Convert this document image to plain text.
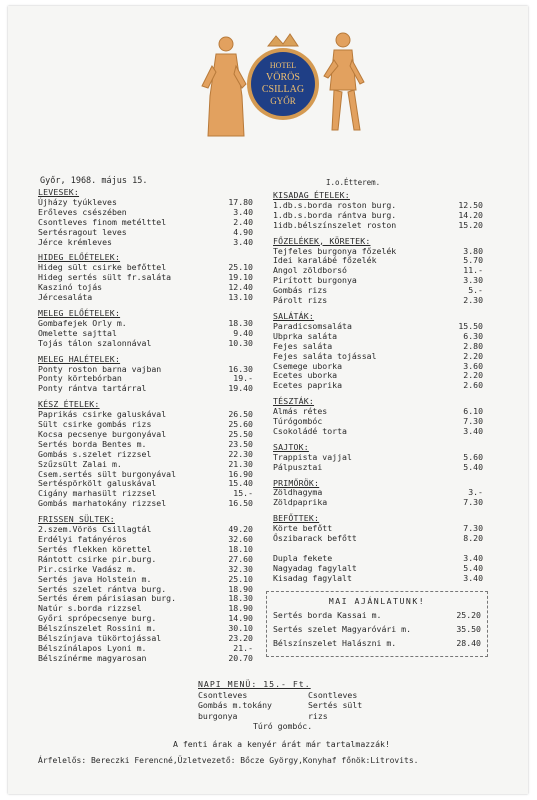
HOTEL
VÖRÖS
CSILLAG
GYŐR
Győr, 1968. május 15.	I.o.Étterem.
LEVESEK:
Újházy tyúkleves	17.80
Erőleves csészében	3.40
Csontleves finom metélttel	2.40
Sertésragout leves	4.90
Jérce krémleves	3.40
HIDEG ELŐÉTELEK:
Hideg sült csirke befőttel	25.10
Hideg sertés sült fr.saláta	19.10
Kaszinó tojás	12.40
Jércesaláta	13.10
MELEG ELŐÉTELEK:
Gombafejek Orly m.	18.30
Omelette sajttal	9.40
Tojás tálon szalonnával	10.30
MELEG HALÉTELEK:
Ponty roston barna vajban	16.30
Ponty körtebórban	19.-
Ponty rántva tartárral	19.40
KÉSZ ÉTELEK:
Paprikás csirke galuskával	26.50
Sült csirke gombás rizs	25.60
Kocsa pecsenye burgonyával	25.50
Sertés borda Bentes m.	23.50
Gombás s.szelet rizzsel	22.30
Szűzsült Zalai m.	21.30
Csem.sertés sült burgonyával	16.90
Sertéspörkölt galuskával	15.40
Cigány marhasült rizzsel	15.-
Gombás marhatokány rizzsel	16.50
FRISSEN SÜLTEK:
2.szem.Vörös Csillagtál	49.20
Erdélyi fatányéros	32.60
Sertés flekken körettel	18.10
Rántott csirke pir.burg.	27.60
Pir.csirke Vadász m.	32.30
Sertés java Holstein m.	25.10
Sertés szelet rántva burg.	18.90
Sertés érem párisiasan burg.	18.30
Natúr s.borda rizzsel	18.90
Győri sprópecsenye burg.	14.90
Bélszínszelet Rossini m.	30.10
Bélszínjava tükörtojással	23.20
Bélszínálapos Lyoni m.	21.-
Bélszínérme magyarosan	20.70
KISADAG ÉTELEK:
1.db.s.borda roston burg.	12.50
1.db.s.borda rántva burg.	14.20
1idb.bélszínszelet roston	15.20
FŐZELÉKEK, KÖRETEK:
Tejfeles burgonya főzelék	3.80
Idei karalábé főzelék	5.70
Angol zöldborsó	11.-
Pirított burgonya	3.30
Gombás rizs	5.-
Párolt rizs	2.30
SALÁTÁK:
Paradicsomsaláta	15.50
Ubprka saláta	6.30
Fejes saláta	2.80
Fejes saláta tojással	2.20
Csemege uborka	3.60
Ecetes uborka	2.20
Ecetes paprika	2.60
TÉSZTÁK:
Almás rétes	6.10
Túrógombóc	7.30
Csokoládé torta	3.40
SAJTOK:
Trappista vajjal	5.60
Pálpusztai	5.40
PRIMŐRÖK:
Zöldhagyma	3.-
Zöldpaprika	7.30
BEFŐTTEK:
Körte befőtt	7.30
Őszibarack befőtt	8.20
Dupla fekete	3.40
Nagyadag fagylalt	5.40
Kisadag fagylalt	3.40
MAI AJÁNLATUNK!
Sertés borda Kassai m.	25.20
Sertés szelet Magyaróvári m.	35.50
Bélszínszelet Halászni m.	28.40
NAPI MENÜ: 15.- Ft.
Csontleves	Csontleves
Gombás m.tokány	Sertés sült
burgonya	rizs
Túró gombóc.
A fenti árak a kenyér árát már tartalmazzák!
Árfelelős: Bereczki Ferencné,Üzletvezető: Bőcze György,Konyhaf főnök:Litrovits.
